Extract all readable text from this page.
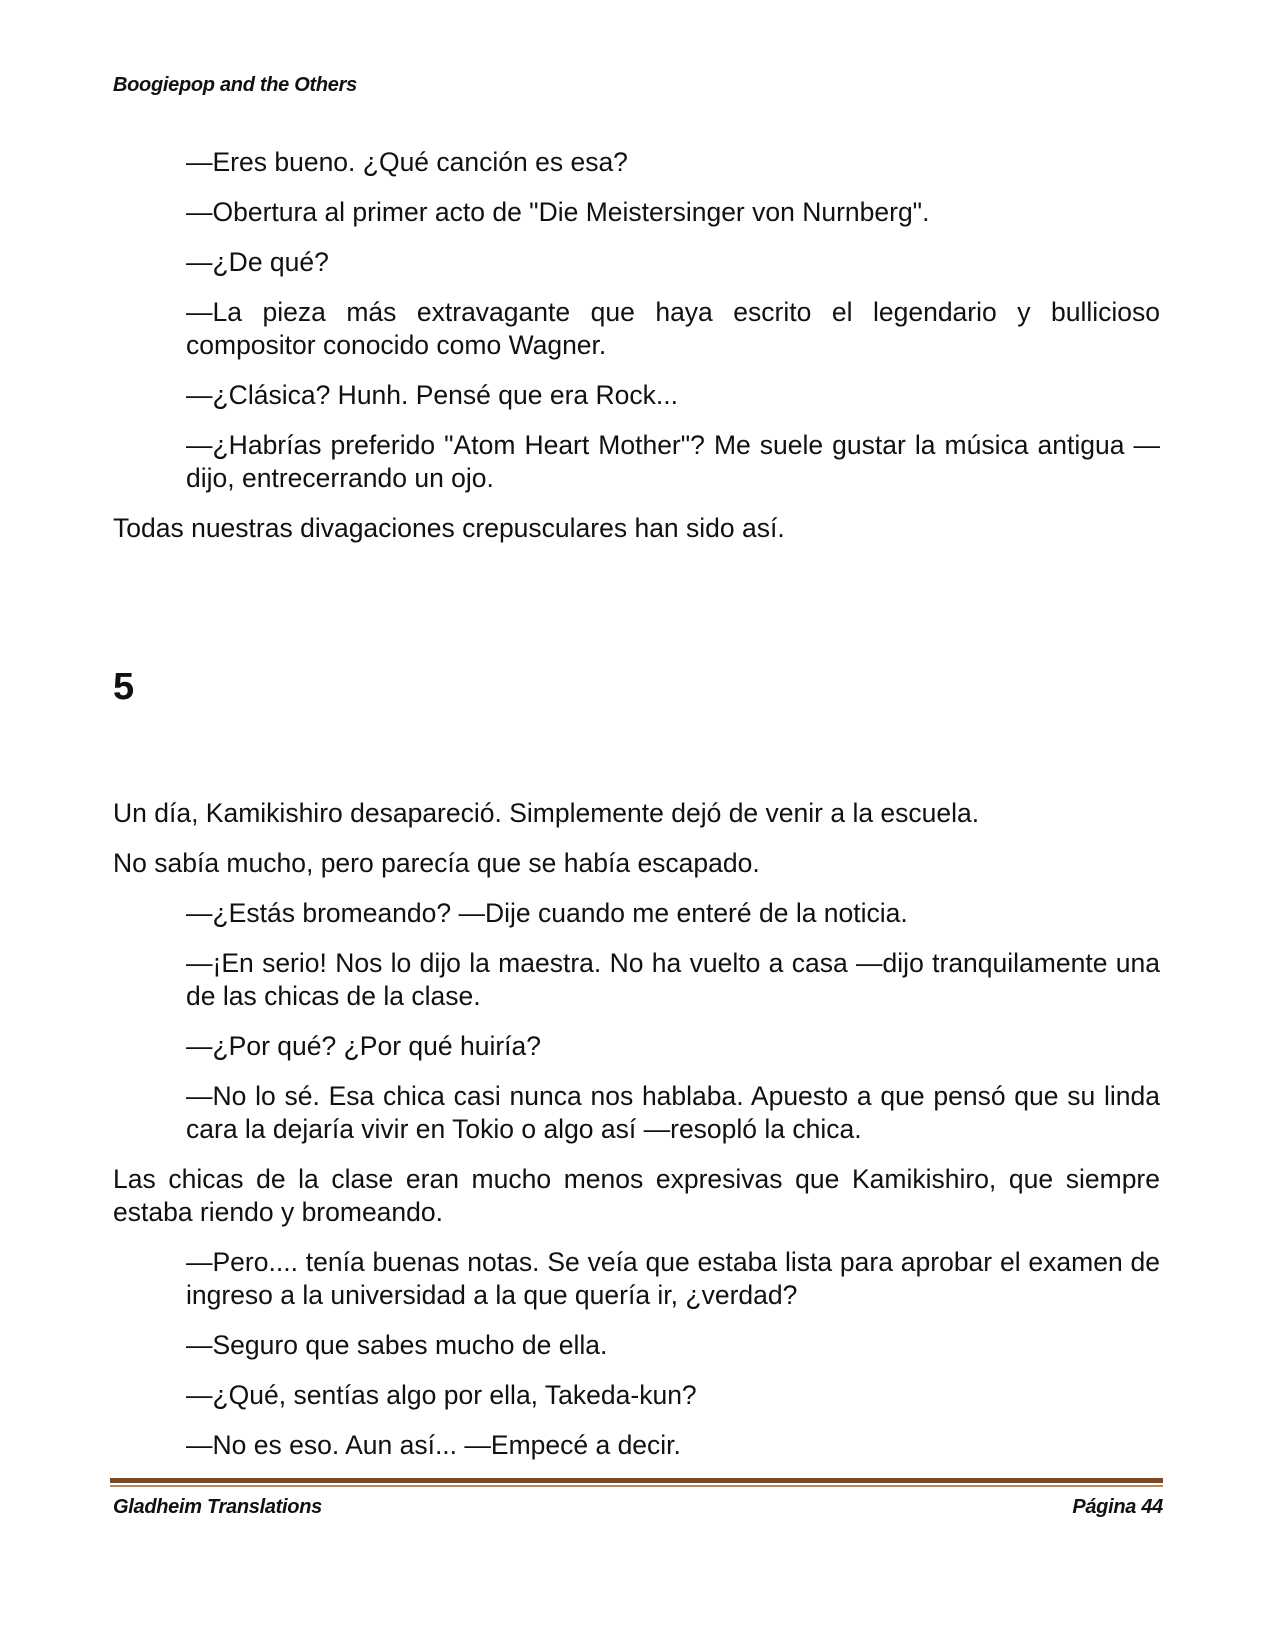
Boogiepop and the Others

—Eres bueno. ¿Qué canción es esa?

—Obertura al primer acto de "Die Meistersinger von Nurnberg".

—¿De qué?

—La pieza más extravagante que haya escrito el legendario y bullicioso compositor conocido como Wagner.

—¿Clásica? Hunh. Pensé que era Rock...

—¿Habrías preferido "Atom Heart Mother"? Me suele gustar la música antigua —dijo, entrecerrando un ojo.

Todas nuestras divagaciones crepusculares han sido así.

5

Un día, Kamikishiro desapareció. Simplemente dejó de venir a la escuela.

No sabía mucho, pero parecía que se había escapado.

—¿Estás bromeando? —Dije cuando me enteré de la noticia.

—¡En serio! Nos lo dijo la maestra. No ha vuelto a casa —dijo tranquilamente una de las chicas de la clase.

—¿Por qué? ¿Por qué huiría?

—No lo sé. Esa chica casi nunca nos hablaba. Apuesto a que pensó que su linda cara la dejaría vivir en Tokio o algo así —resopló la chica.

Las chicas de la clase eran mucho menos expresivas que Kamikishiro, que siempre estaba riendo y bromeando.

—Pero.... tenía buenas notas. Se veía que estaba lista para aprobar el examen de ingreso a la universidad a la que quería ir, ¿verdad?

—Seguro que sabes mucho de ella.

—¿Qué, sentías algo por ella, Takeda-kun?

—No es eso. Aun así... —Empecé a decir.

Gladheim Translations	Página 44
